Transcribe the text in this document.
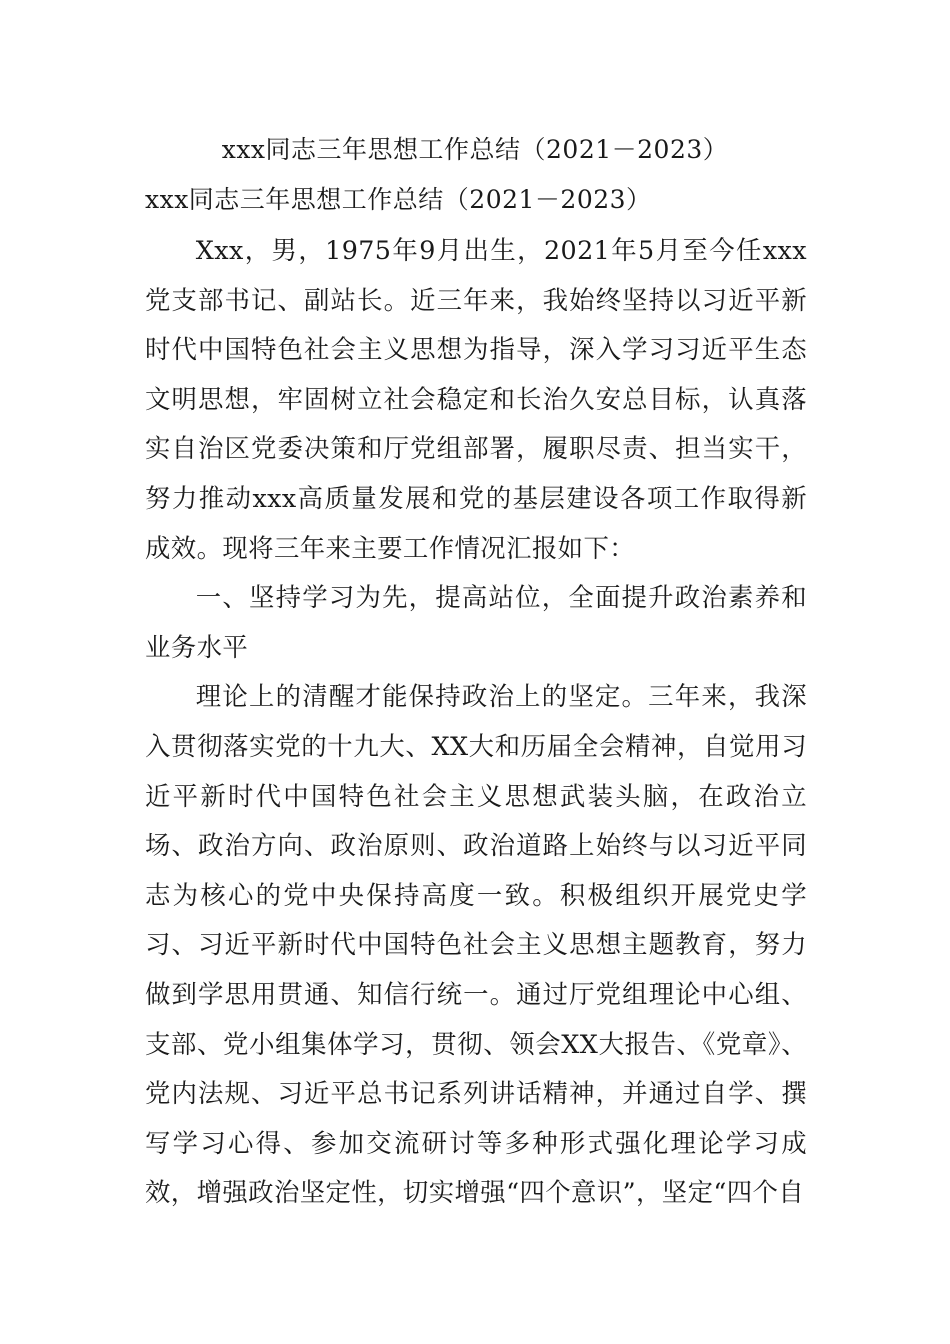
xxx同志三年思想工作总结（2021－2023）
xxx同志三年思想工作总结（2021－2023）

Xxx，男，1975年9月出生，2021年5月至今任xxx党支部书记、副站长。近三年来，我始终坚持以习近平新时代中国特色社会主义思想为指导，深入学习习近平生态文明思想，牢固树立社会稳定和长治久安总目标，认真落实自治区党委决策和厅党组部署，履职尽责、担当实干，努力推动xxx高质量发展和党的基层建设各项工作取得新成效。现将三年来主要工作情况汇报如下：

一、坚持学习为先，提高站位，全面提升政治素养和业务水平

理论上的清醒才能保持政治上的坚定。三年来，我深入贯彻落实党的十九大、XX大和历届全会精神，自觉用习近平新时代中国特色社会主义思想武装头脑，在政治立场、政治方向、政治原则、政治道路上始终与以习近平同志为核心的党中央保持高度一致。积极组织开展党史学习、习近平新时代中国特色社会主义思想主题教育，努力做到学思用贯通、知信行统一。通过厅党组理论中心组、支部、党小组集体学习，贯彻、领会XX大报告、《党章》、党内法规、习近平总书记系列讲话精神，并通过自学、撰写学习心得、参加交流研讨等多种形式强化理论学习成效，增强政治坚定性，切实增强“四个意识”，坚定“四个自
